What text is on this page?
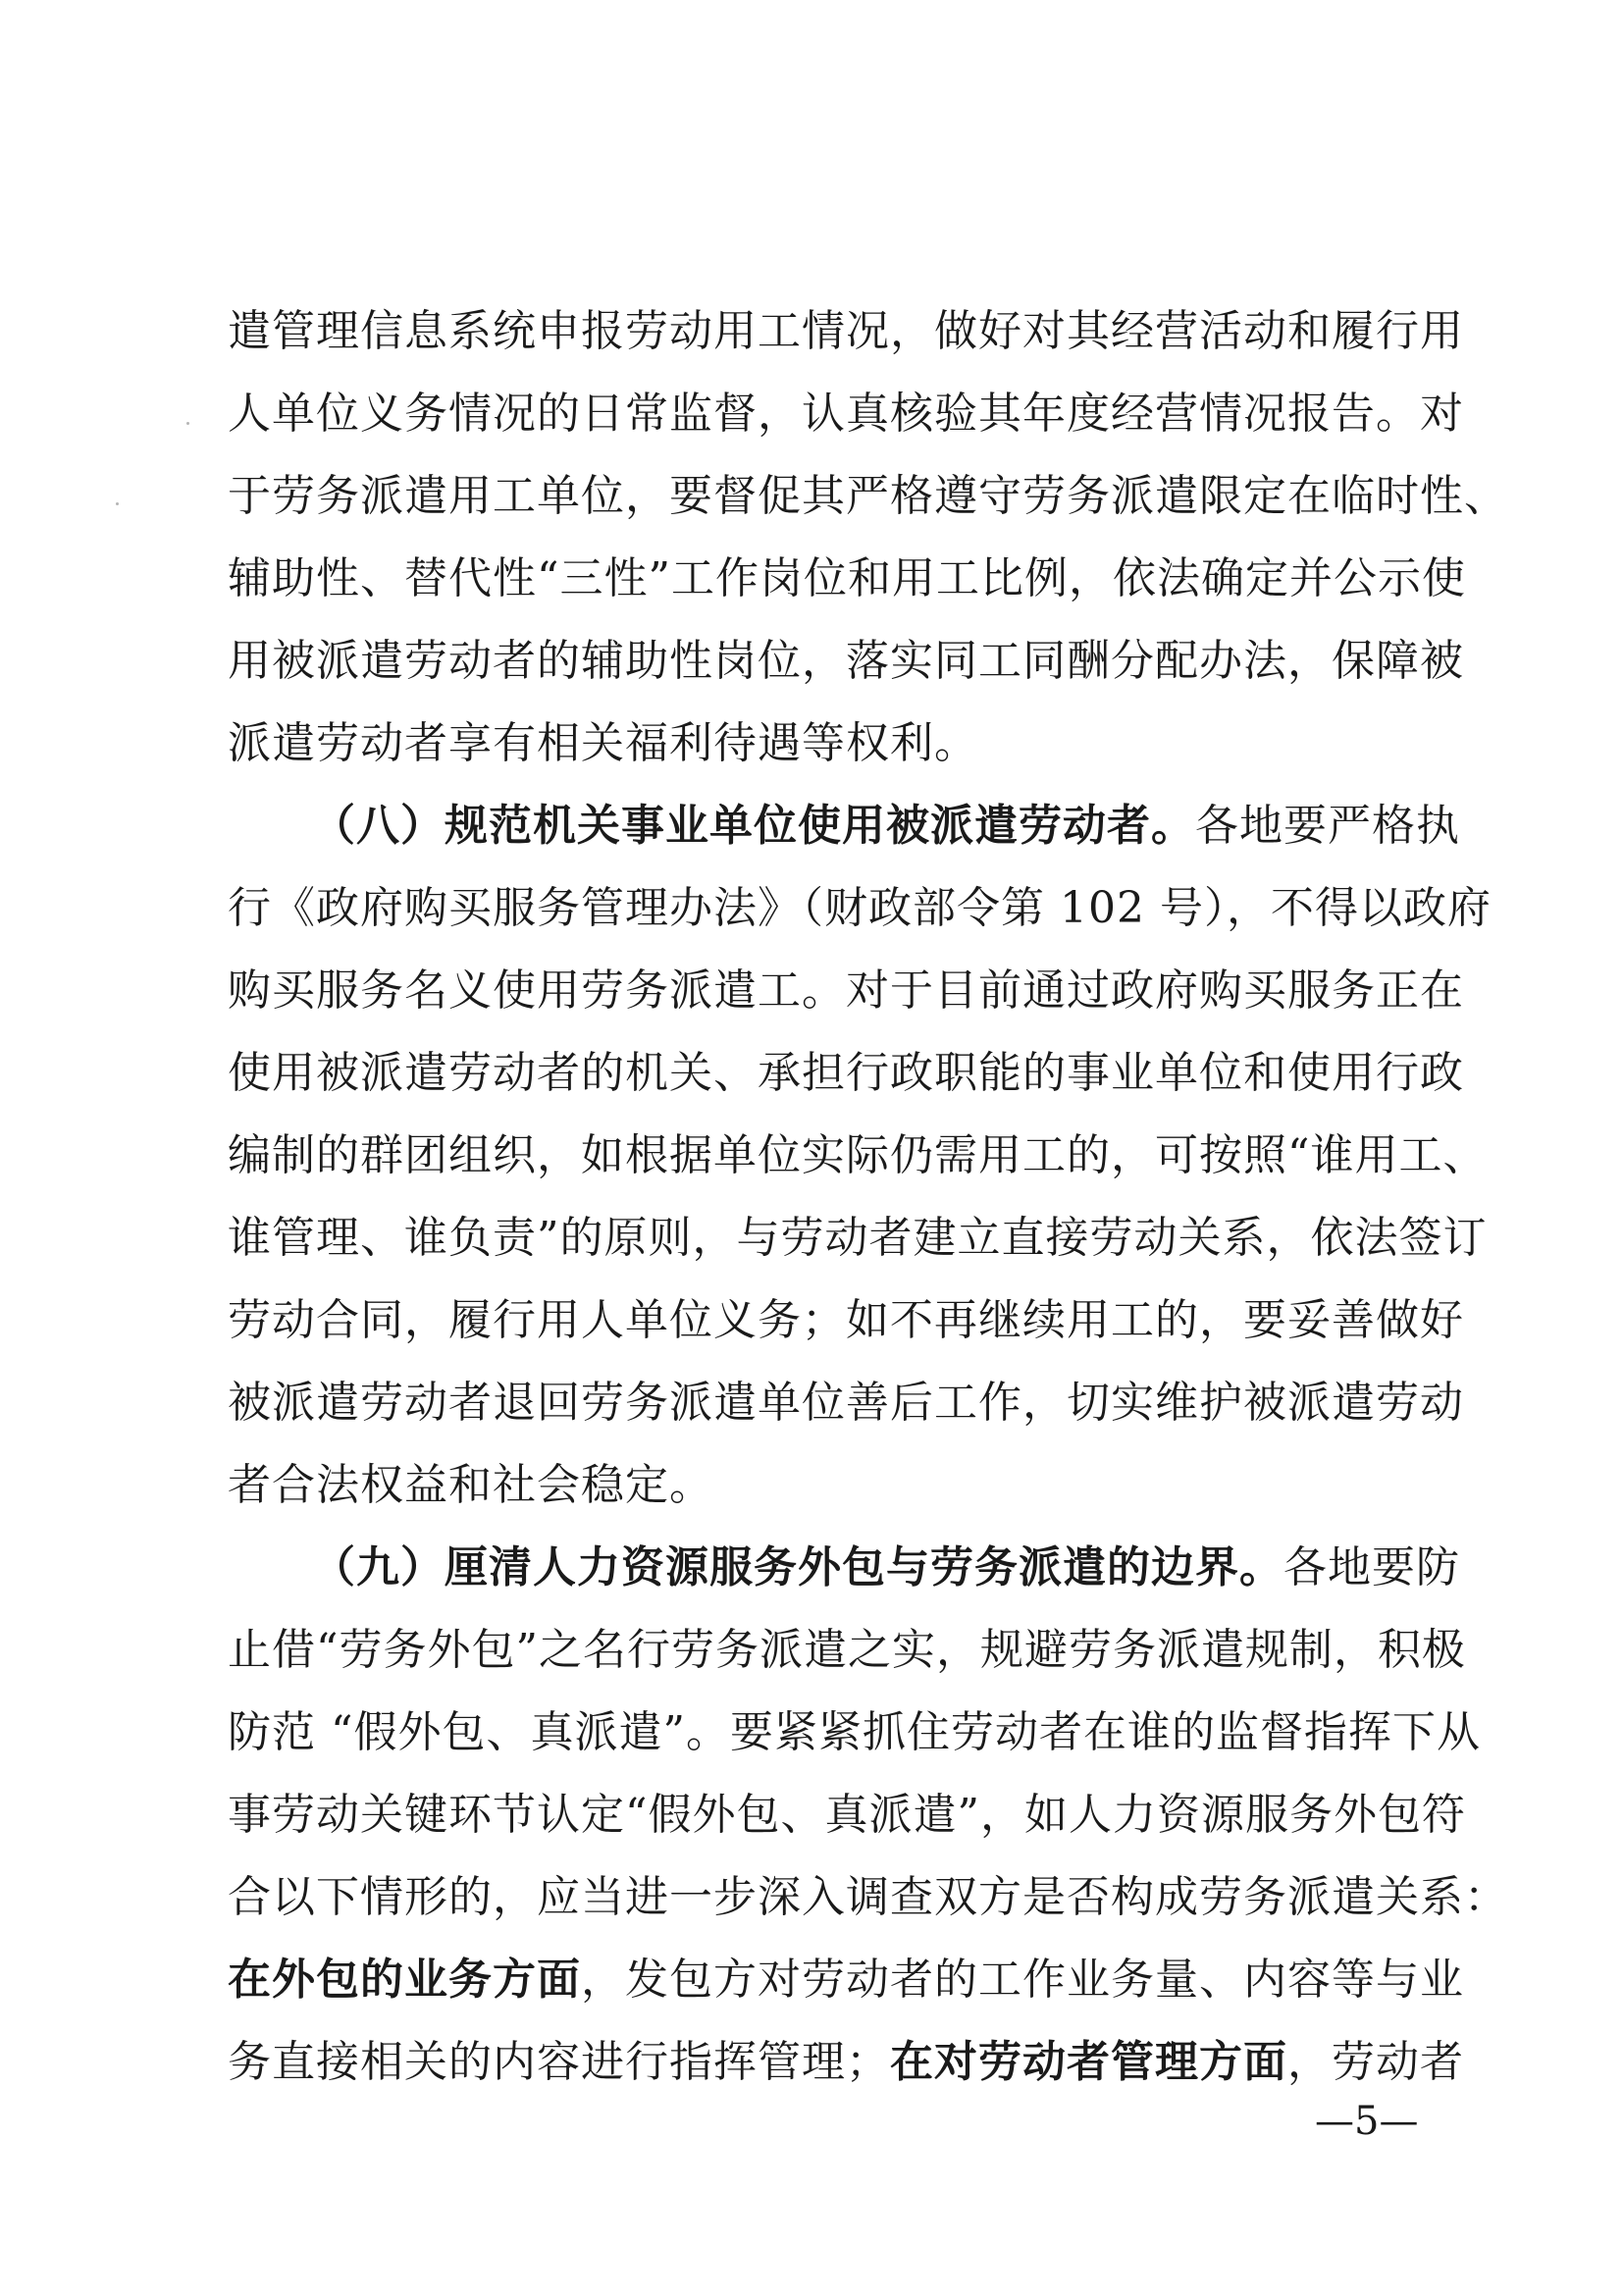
遣管理信息系统申报劳动用工情况，做好对其经营活动和履行用
人单位义务情况的日常监督，认真核验其年度经营情况报告。对
于劳务派遣用工单位，要督促其严格遵守劳务派遣限定在临时性、
辅助性、替代性“三性”工作岗位和用工比例，依法确定并公示使
用被派遣劳动者的辅助性岗位，落实同工同酬分配办法，保障被
派遣劳动者享有相关福利待遇等权利。
（八）规范机关事业单位使用被派遣劳动者。各地要严格执
行《政府购买服务管理办法》（财政部令第 102 号），不得以政府
购买服务名义使用劳务派遣工。对于目前通过政府购买服务正在
使用被派遣劳动者的机关、承担行政职能的事业单位和使用行政
编制的群团组织，如根据单位实际仍需用工的，可按照“谁用工、
谁管理、谁负责”的原则，与劳动者建立直接劳动关系，依法签订
劳动合同，履行用人单位义务；如不再继续用工的，要妥善做好
被派遣劳动者退回劳务派遣单位善后工作，切实维护被派遣劳动
者合法权益和社会稳定。
（九）厘清人力资源服务外包与劳务派遣的边界。各地要防
止借“劳务外包”之名行劳务派遣之实，规避劳务派遣规制，积极
防范 “假外包、真派遣”。要紧紧抓住劳动者在谁的监督指挥下从
事劳动关键环节认定“假外包、真派遣”，如人力资源服务外包符
合以下情形的，应当进一步深入调查双方是否构成劳务派遣关系：
在外包的业务方面，发包方对劳动者的工作业务量、内容等与业
务直接相关的内容进行指挥管理；在对劳动者管理方面，劳动者
—5—
